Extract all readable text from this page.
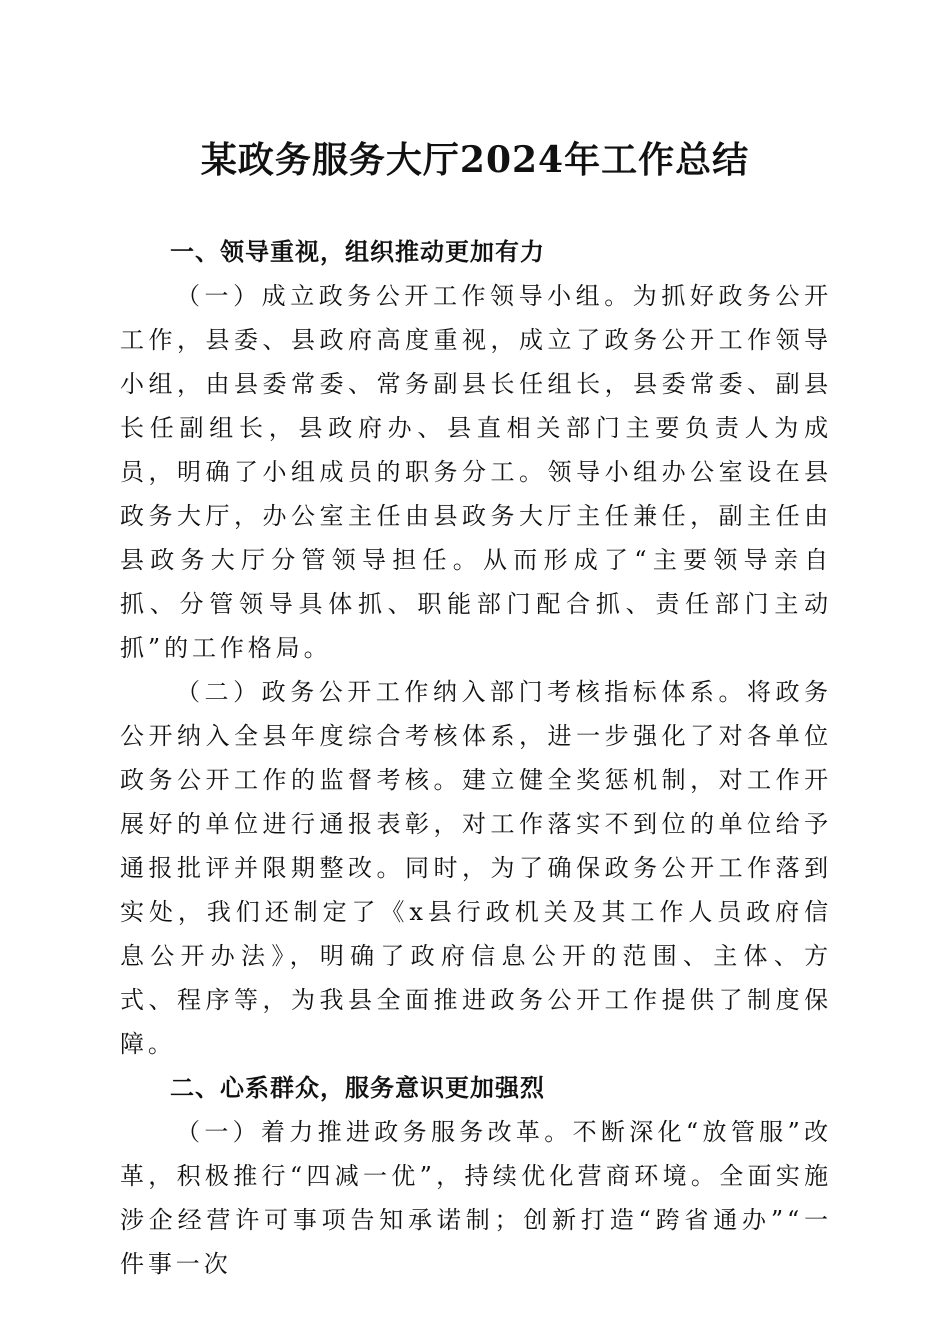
某政务服务大厅2024年工作总结
一、领导重视，组织推动更加有力

（一）成立政务公开工作领导小组。为抓好政务公开工作，县委、县政府高度重视，成立了政务公开工作领导小组，由县委常委、常务副县长任组长，县委常委、副县长任副组长，县政府办、县直相关部门主要负责人为成员，明确了小组成员的职务分工。领导小组办公室设在县政务大厅，办公室主任由县政务大厅主任兼任，副主任由县政务大厅分管领导担任。从而形成了“主要领导亲自抓、分管领导具体抓、职能部门配合抓、责任部门主动抓”的工作格局。

（二）政务公开工作纳入部门考核指标体系。将政务公开纳入全县年度综合考核体系，进一步强化了对各单位政务公开工作的监督考核。建立健全奖惩机制，对工作开展好的单位进行通报表彰，对工作落实不到位的单位给予通报批评并限期整改。同时，为了确保政务公开工作落到实处，我们还制定了《x县行政机关及其工作人员政府信息公开办法》，明确了政府信息公开的范围、主体、方式、程序等，为我县全面推进政务公开工作提供了制度保障。

二、心系群众，服务意识更加强烈

（一）着力推进政务服务改革。不断深化“放管服”改革，积极推行“四减一优”，持续优化营商环境。全面实施涉企经营许可事项告知承诺制；创新打造“跨省通办”“一件事一次
